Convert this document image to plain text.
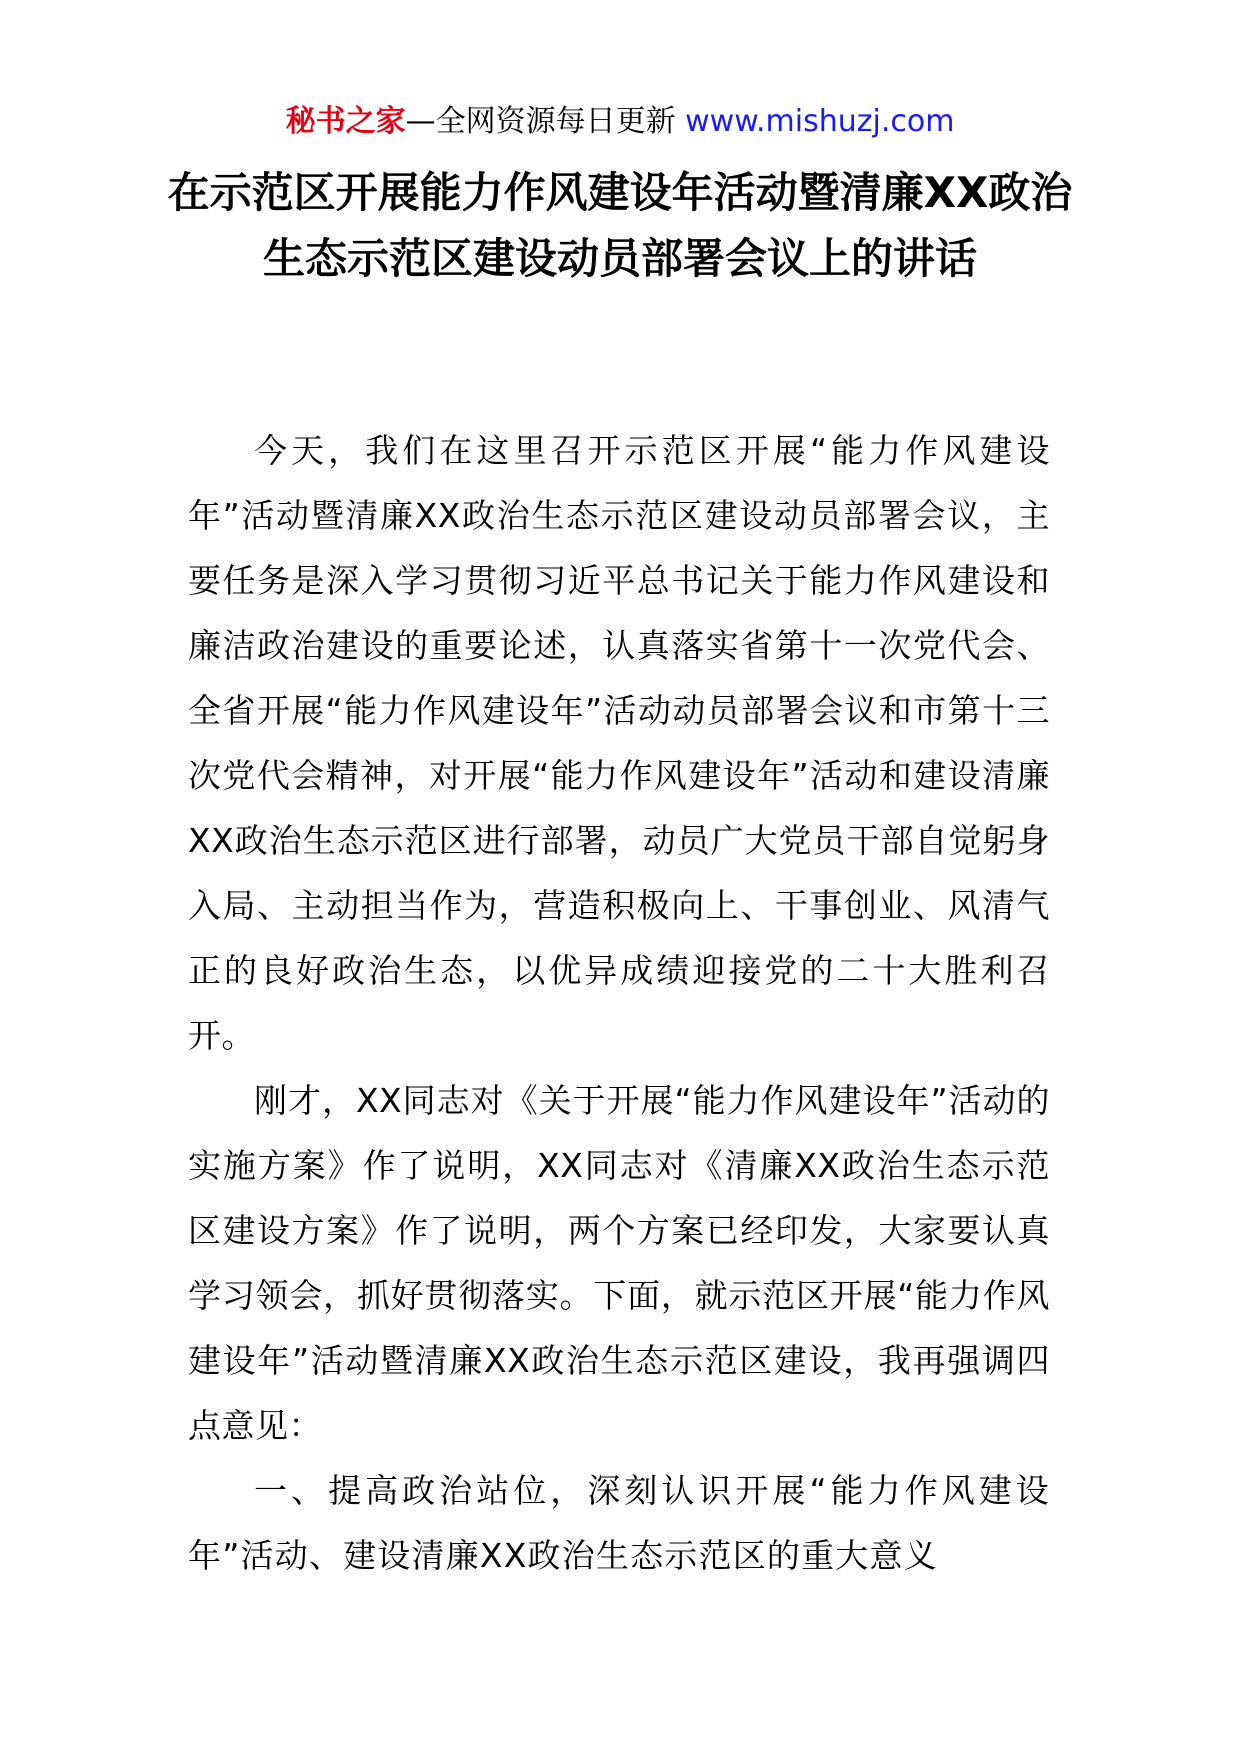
秘书之家—全网资源每日更新 www.mishuzj.com
在示范区开展能力作风建设年活动暨清廉XX政治生态示范区建设动员部署会议上的讲话

今天，我们在这里召开示范区开展“能力作风建设年”活动暨清廉XX政治生态示范区建设动员部署会议，主要任务是深入学习贯彻习近平总书记关于能力作风建设和廉洁政治建设的重要论述，认真落实省第十一次党代会、全省开展“能力作风建设年”活动动员部署会议和市第十三次党代会精神，对开展“能力作风建设年”活动和建设清廉XX政治生态示范区进行部署，动员广大党员干部自觉躬身入局、主动担当作为，营造积极向上、干事创业、风清气正的良好政治生态，以优异成绩迎接党的二十大胜利召开。

刚才，XX同志对《关于开展“能力作风建设年”活动的实施方案》作了说明，XX同志对《清廉XX政治生态示范区建设方案》作了说明，两个方案已经印发，大家要认真学习领会，抓好贯彻落实。下面，就示范区开展“能力作风建设年”活动暨清廉XX政治生态示范区建设，我再强调四点意见：

一、提高政治站位，深刻认识开展“能力作风建设年”活动、建设清廉XX政治生态示范区的重大意义
